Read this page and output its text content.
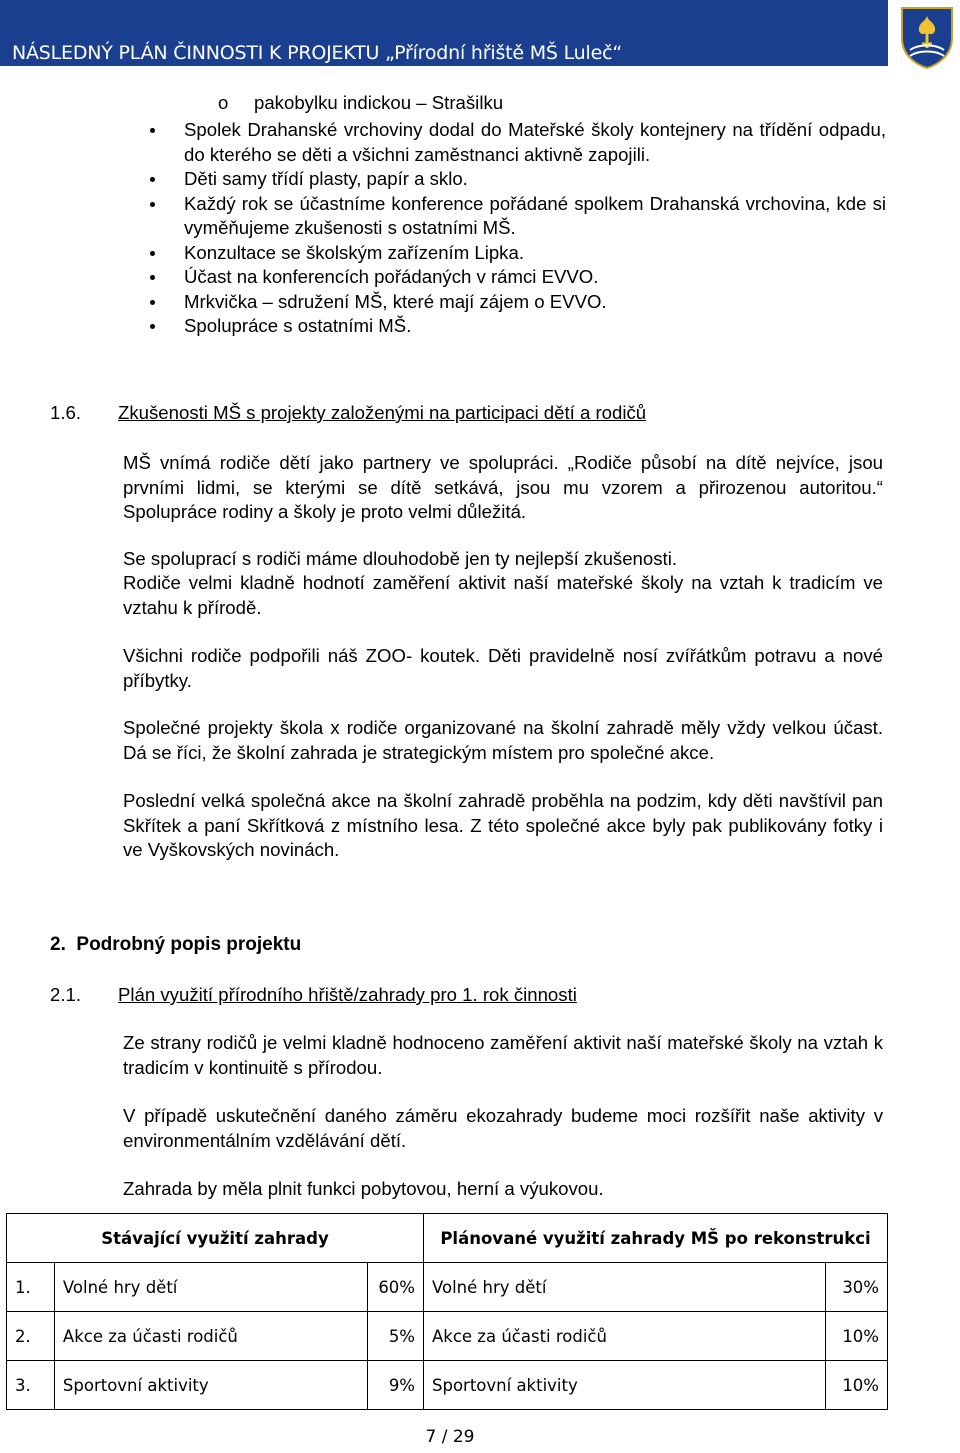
NÁSLEDNÝ PLÁN ČINNOSTI K PROJEKTU „Přírodní hřiště MŠ Luleč“
o pakobylku indickou – Strašilku
Spolek Drahanské vrchoviny dodal do Mateřské školy kontejnery na třídění odpadu, do kterého se děti a všichni zaměstnanci aktivně zapojili.
Děti samy třídí plasty, papír a sklo.
Každý rok se účastníme konference pořádané spolkem Drahanská vrchovina, kde si vyměňujeme zkušenosti s ostatními MŠ.
Konzultace se školským zařízením Lipka.
Účast na konferencích pořádaných v rámci EVVO.
Mrkvička – sdružení MŠ, které mají zájem o EVVO.
Spolupráce s ostatními MŠ.
1.6. Zkušenosti MŠ s projekty založenými na participaci dětí a rodičů
MŠ vnímá rodiče dětí jako partnery ve spolupráci. „Rodiče působí na dítě nejvíce, jsou prvními lidmi, se kterými se dítě setkává, jsou mu vzorem a přirozenou autoritou.“ Spolupráce rodiny a školy je proto velmi důležitá.
Se spoluprací s rodiči máme dlouhodobě jen ty nejlepší zkušenosti.
Rodiče velmi kladně hodnotí zaměření aktivit naší mateřské školy na vztah k tradicím ve vztahu k přírodě.
Všichni rodiče podpořili náš ZOO- koutek. Děti pravidelně nosí zvířátkům potravu a nové příbytky.
Společné projekty škola x rodiče organizované na školní zahradě měly vždy velkou účast. Dá se říci, že školní zahrada je strategickým místem pro společné akce.
Poslední velká společná akce na školní zahradě proběhla na podzim, kdy děti navštívil pan Skřítek a paní Skřítková z místního lesa. Z této společné akce byly pak publikovány fotky i ve Vyškovských novinách.
2.  Podrobný popis projektu
2.1. Plán využití přírodního hřiště/zahrady pro 1. rok činnosti
Ze strany rodičů je velmi kladně hodnoceno zaměření aktivit naší mateřské školy na vztah k tradicím v kontinuitě s přírodou.
V případě uskutečnění daného záměru ekozahrady budeme moci rozšířit naše aktivity v environmentálním vzdělávání dětí.
Zahrada by měla plnit funkci pobytovou, herní a výukovou.
Stávající využití zahrady			Plánované využití zahrady MŠ po rekonstrukci	
1.	Volné hry dětí	60%	Volné hry dětí	30%
2.	Akce za účasti rodičů	5%	Akce za účasti rodičů	10%
3.	Sportovní aktivity	9%	Sportovní aktivity	10%
7 / 29
